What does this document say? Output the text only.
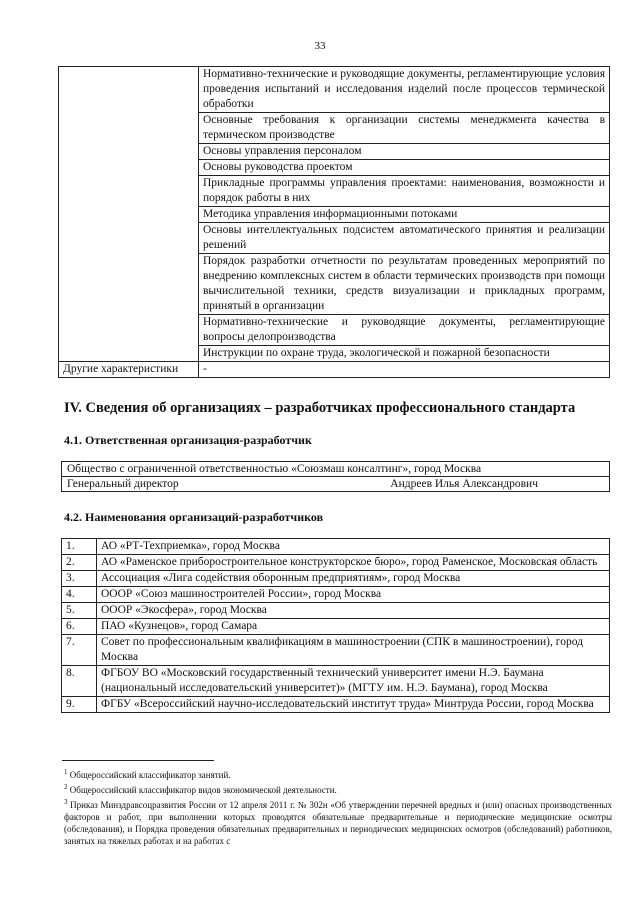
33
	Нормативно-технические и руководящие документы, регламентирующие условия проведения испытаний и исследования изделий после процессов термической обработки
	Основные требования к организации системы менеджмента качества в термическом производстве
	Основы управления персоналом
	Основы руководства проектом
	Прикладные программы управления проектами: наименования, возможности и порядок работы в них
	Методика управления информационными потоками
	Основы интеллектуальных подсистем автоматического принятия и реализации решений
	Порядок разработки отчетности по результатам проведенных мероприятий по внедрению комплексных систем в области термических производств при помощи вычислительной техники, средств визуализации и прикладных программ, принятый в организации
	Нормативно-технические и руководящие документы, регламентирующие вопросы делопроизводства
	Инструкции по охране труда, экологической и пожарной безопасности
Другие характеристики	-
IV. Сведения об организациях – разработчиках профессионального стандарта
4.1. Ответственная организация-разработчик
Общество с ограниченной ответственностью «Союзмаш консалтинг», город Москва

Генеральный директор	Андреев Илья Александрович
4.2. Наименования организаций-разработчиков
1.	АО «РТ-Техприемка», город Москва
2.	АО «Раменское приборостроительное конструкторское бюро», город Раменское, Московская область
3.	Ассоциация «Лига содействия оборонным предприятиям», город Москва
4.	ОООР «Союз машиностроителей России», город Москва
5.	ОООР «Экосфера», город Москва
6.	ПАО «Кузнецов», город Самара
7.	Совет по профессиональным квалификациям в машиностроении (СПК в машиностроении), город Москва
8.	ФГБОУ ВО «Московский государственный технический университет имени Н.Э. Баумана (национальный исследовательский университет)» (МГТУ им. Н.Э. Баумана), город Москва
9.	ФГБУ «Всероссийский научно-исследовательский институт труда» Минтруда России, город Москва

$^1$ Общероссийский классификатор занятий.

$^2$ Общероссийский классификатор видов экономической деятельности.

$^3$ Приказ Минздравсоцразвития России от 12 апреля 2011 г. № 302н «Об утверждении перечней вредных и (или) опасных производственных факторов и работ, при выполнении которых проводятся обязательные предварительные и периодические медицинские осмотры (обследования), и Порядка проведения обязательных предварительных и периодических медицинских осмотров (обследований) работников, занятых на тяжелых работах и на работах с
